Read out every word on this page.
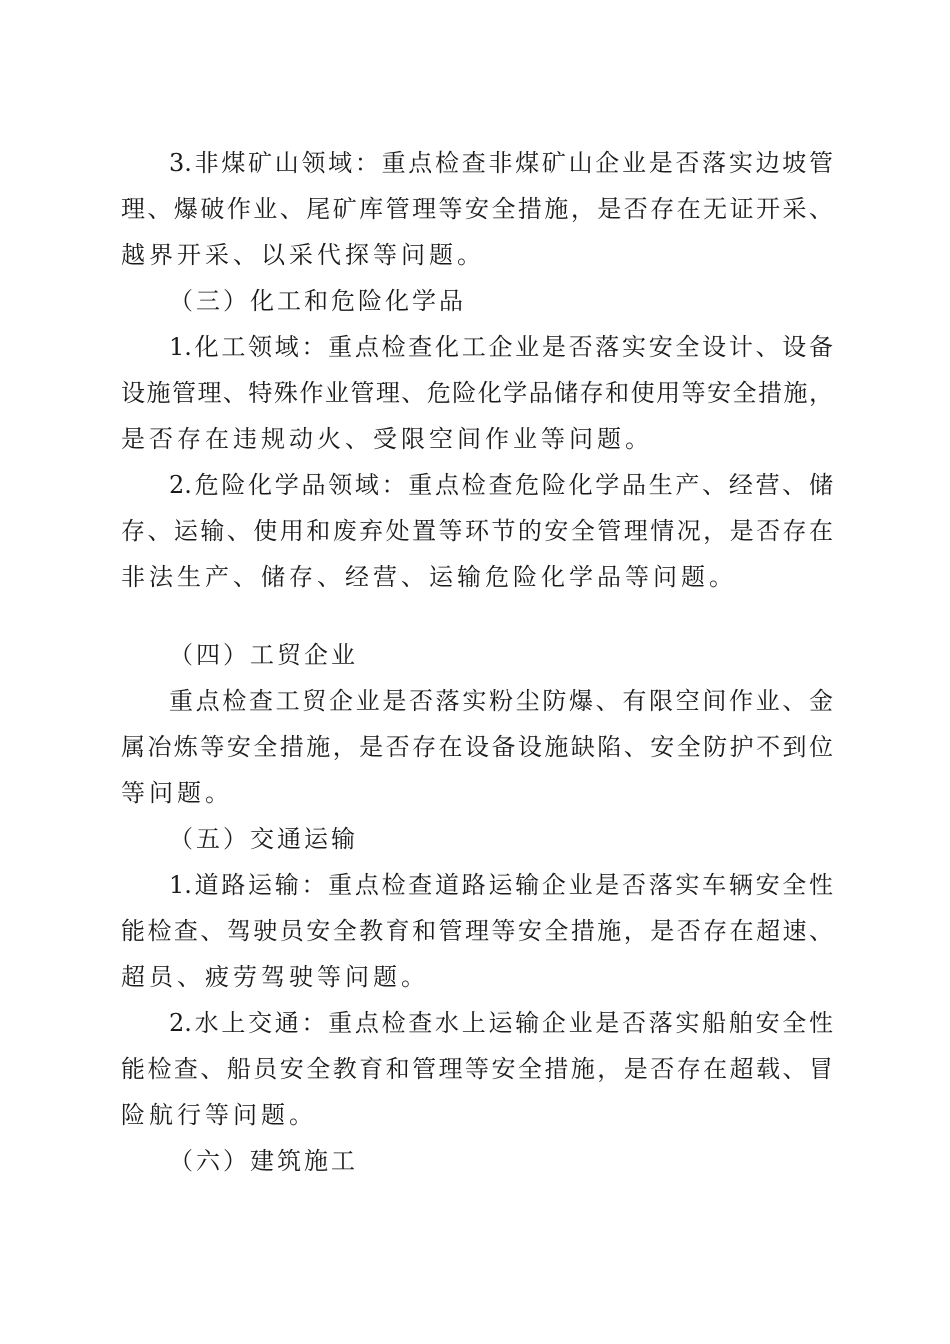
3.非煤矿山领域：重点检查非煤矿山企业是否落实边坡管
理、爆破作业、尾矿库管理等安全措施，是否存在无证开采、
越界开采、以采代探等问题。
（三）化工和危险化学品
1.化工领域：重点检查化工企业是否落实安全设计、设备
设施管理、特殊作业管理、危险化学品储存和使用等安全措施，
是否存在违规动火、受限空间作业等问题。
2.危险化学品领域：重点检查危险化学品生产、经营、储
存、运输、使用和废弃处置等环节的安全管理情况，是否存在
非法生产、储存、经营、运输危险化学品等问题。
（四）工贸企业
重点检查工贸企业是否落实粉尘防爆、有限空间作业、金
属冶炼等安全措施，是否存在设备设施缺陷、安全防护不到位
等问题。
（五）交通运输
1.道路运输：重点检查道路运输企业是否落实车辆安全性
能检查、驾驶员安全教育和管理等安全措施，是否存在超速、
超员、疲劳驾驶等问题。
2.水上交通：重点检查水上运输企业是否落实船舶安全性
能检查、船员安全教育和管理等安全措施，是否存在超载、冒
险航行等问题。
（六）建筑施工
